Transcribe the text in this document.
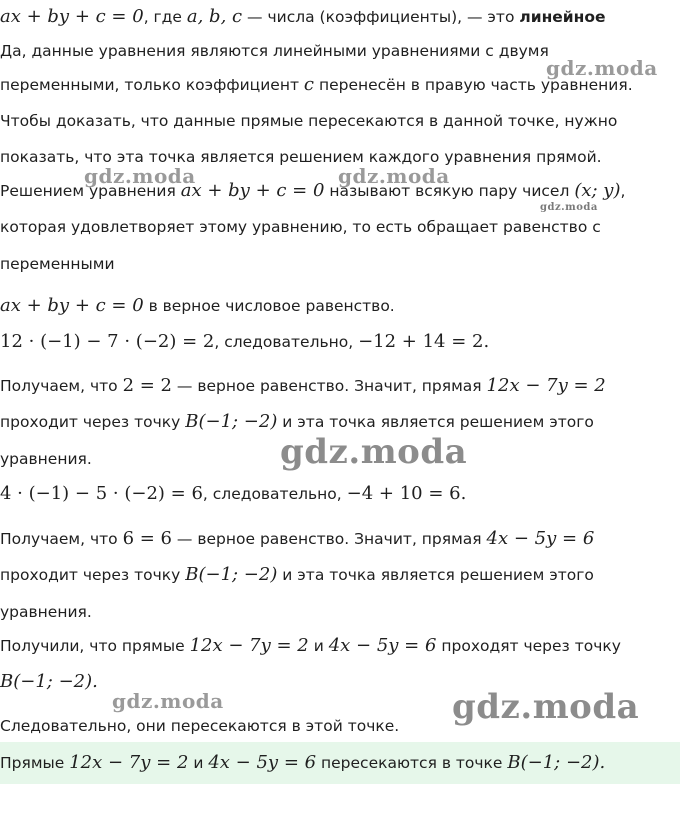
ax + by + c = 0, где a, b, c — числа (коэффициенты), — это линейное
Да, данные уравнения являются линейными уравнениями с двумя
переменными, только коэффициент c перенесён в правую часть уравнения.
Чтобы доказать, что данные прямые пересекаются в данной точке, нужно
показать, что эта точка является решением каждого уравнения прямой.
Решением уравнения ax + by + c = 0 называют всякую пару чисел (x; y),
которая удовлетворяет этому уравнению, то есть обращает равенство с
переменными
ax + by + c = 0 в верное числовое равенство.
12 · (−1) − 7 · (−2) = 2, следовательно, −12 + 14 = 2.
Получаем, что 2 = 2 — верное равенство. Значит, прямая 12x − 7y = 2
проходит через точку B(−1; −2) и эта точка является решением этого
уравнения.
4 · (−1) − 5 · (−2) = 6, следовательно, −4 + 10 = 6.
Получаем, что 6 = 6 — верное равенство. Значит, прямая 4x − 5y = 6
проходит через точку B(−1; −2) и эта точка является решением этого
уравнения.
Получили, что прямые 12x − 7y = 2 и 4x − 5y = 6 проходят через точку
B(−1; −2).
Следовательно, они пересекаются в этой точке.
Прямые 12x − 7y = 2 и 4x − 5y = 6 пересекаются в точке B(−1; −2).
gdz.moda
gdz.moda	gdz.moda
gdz.moda
gdz.moda
gdz.moda	gdz.moda
